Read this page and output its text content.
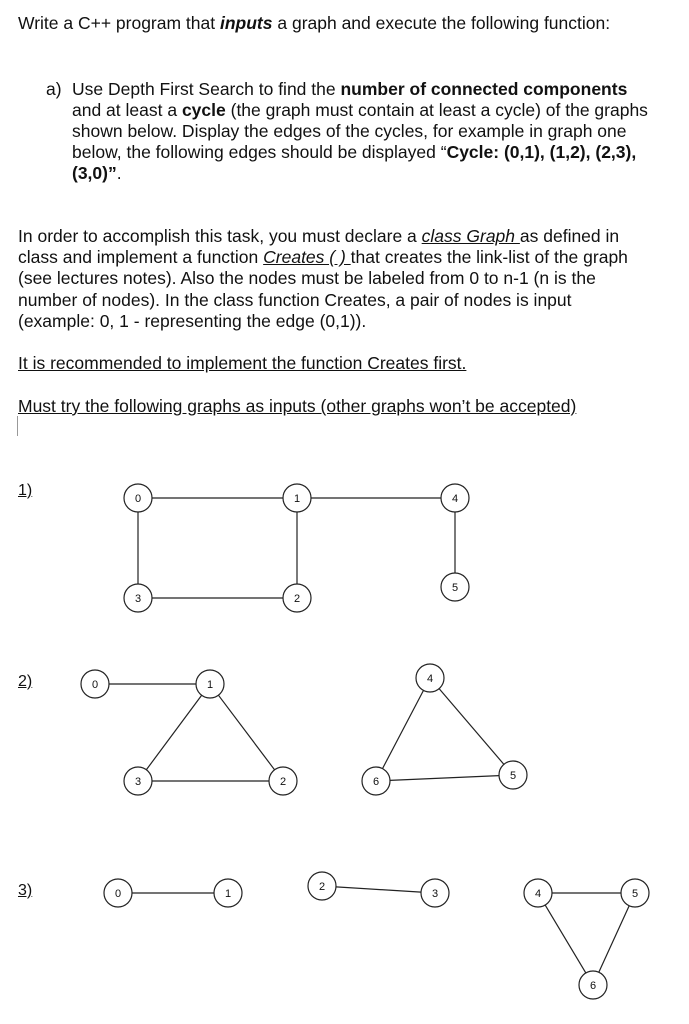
Write a C++ program that inputs a graph and execute the following function:
a) Use Depth First Search to find the number of connected components
and at least a cycle (the graph must contain at least a cycle) of the graphs
shown below. Display the edges of the cycles, for example in graph one
below, the following edges should be displayed “Cycle: (0,1), (1,2), (2,3),
(3,0)”.
In order to accomplish this task, you must declare a class Graph as defined in
class and implement a function Creates ( ) that creates the link-list of the graph
(see lectures notes). Also the nodes must be labeled from 0 to n-1 (n is the
number of nodes). In the class function Creates, a pair of nodes is input
(example: 0, 1 - representing the edge (0,1)).
It is recommended to implement the function Creates first.
Must try the following graphs as inputs (other graphs won’t be accepted)
1)
2)
3)
0	1
2
3
4
5
0	1
2
3
4
5
6
0	1
2
3	4	5
6
